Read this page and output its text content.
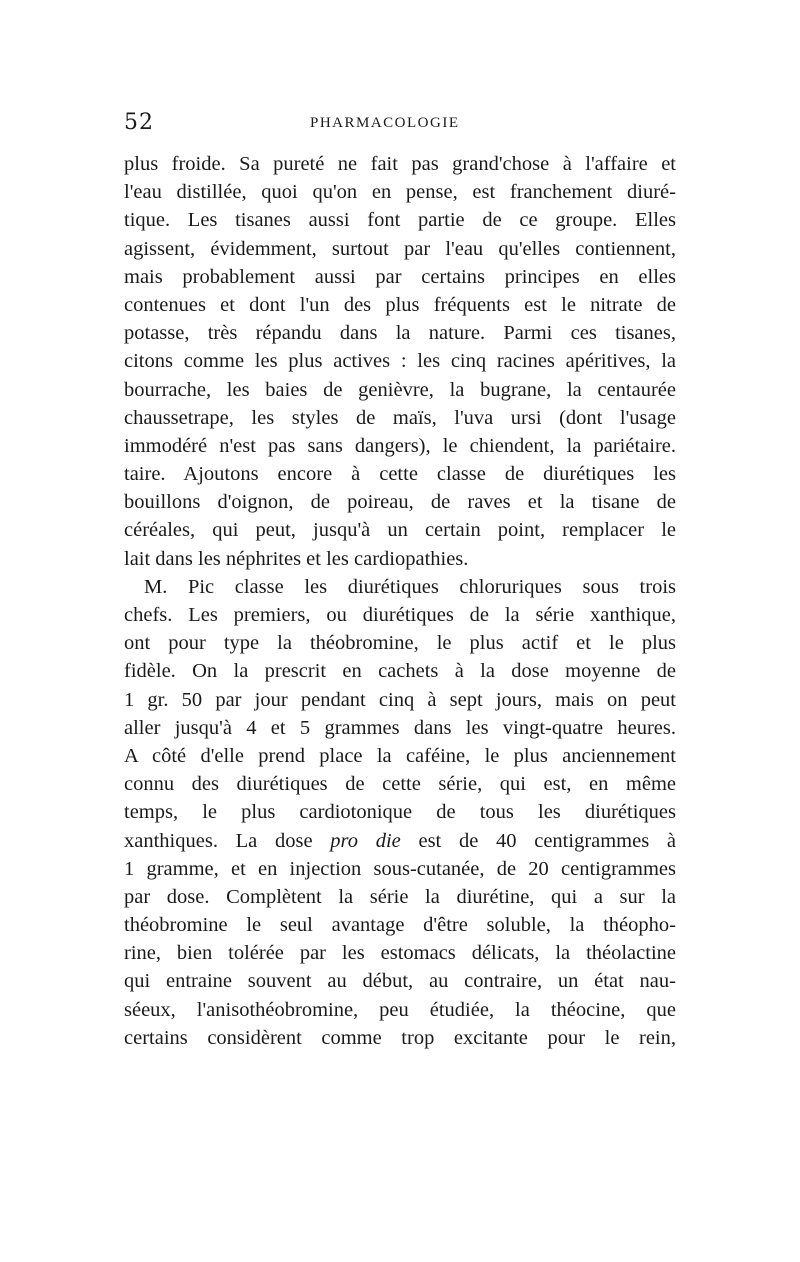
52	PHARMACOLOGIE
plus froide. Sa pureté ne fait pas grand'chose à l'affaire et
l'eau distillée, quoi qu'on en pense, est franchement diuré-
tique. Les tisanes aussi font partie de ce groupe. Elles
agissent, évidemment, surtout par l'eau qu'elles contiennent,
mais probablement aussi par certains principes en elles
contenues et dont l'un des plus fréquents est le nitrate de
potasse, très répandu dans la nature. Parmi ces tisanes,
citons comme les plus actives : les cinq racines apéritives, la
bourrache, les baies de genièvre, la bugrane, la centaurée
chaussetrape, les styles de maïs, l'uva ursi (dont l'usage
immodéré n'est pas sans dangers), le chiendent, la pariétaire.
taire. Ajoutons encore à cette classe de diurétiques les
bouillons d'oignon, de poireau, de raves et la tisane de
céréales, qui peut, jusqu'à un certain point, remplacer le
lait dans les néphrites et les cardiopathies.
M. Pic classe les diurétiques chloruriques sous trois
chefs. Les premiers, ou diurétiques de la série xanthique,
ont pour type la théobromine, le plus actif et le plus
fidèle. On la prescrit en cachets à la dose moyenne de
1 gr. 50 par jour pendant cinq à sept jours, mais on peut
aller jusqu'à 4 et 5 grammes dans les vingt-quatre heures.
A côté d'elle prend place la caféine, le plus anciennement
connu des diurétiques de cette série, qui est, en même
temps, le plus cardiotonique de tous les diurétiques
xanthiques. La dose pro die est de 40 centigrammes à
1 gramme, et en injection sous-cutanée, de 20 centigrammes
par dose. Complètent la série la diurétine, qui a sur la
théobromine le seul avantage d'être soluble, la théopho-
rine, bien tolérée par les estomacs délicats, la théolactine
qui entraine souvent au début, au contraire, un état nau-
séeux, l'anisothéobromine, peu étudiée, la théocine, que
certains considèrent comme trop excitante pour le rein,
